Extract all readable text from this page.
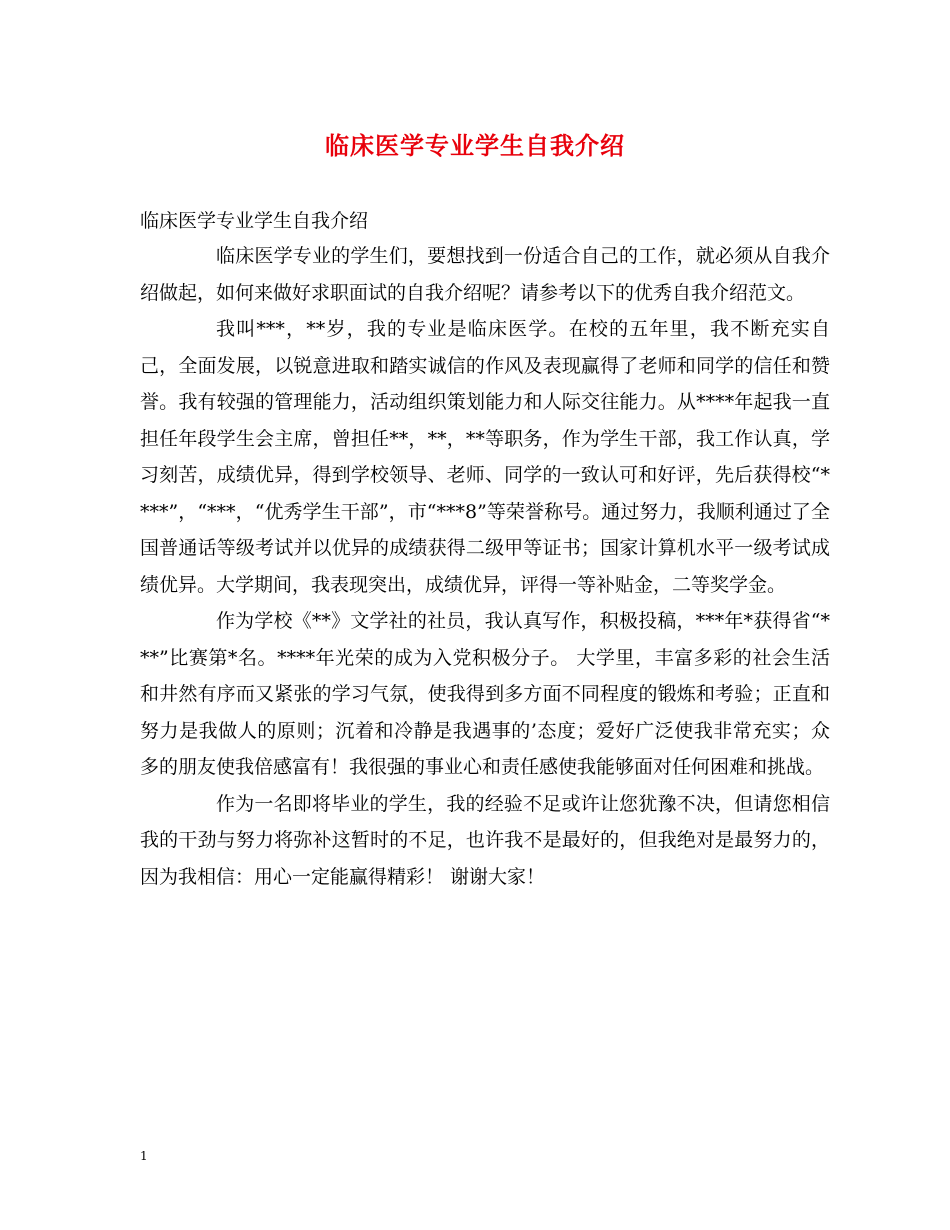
临床医学专业学生自我介绍
临床医学专业学生自我介绍

临床医学专业的学生们，要想找到一份适合自己的工作，就必须从自我介绍做起，如何来做好求职面试的自我介绍呢？请参考以下的优秀自我介绍范文。

我叫***，**岁，我的专业是临床医学。在校的五年里，我不断充实自己，全面发展，以锐意进取和踏实诚信的作风及表现赢得了老师和同学的信任和赞誉。我有较强的管理能力，活动组织策划能力和人际交往能力。从****年起我一直担任年段学生会主席，曾担任**，**，**等职务，作为学生干部，我工作认真，学习刻苦，成绩优异，得到学校领导、老师、同学的一致认可和好评，先后获得校“****”，“***，“优秀学生干部”，市“***8”等荣誉称号。通过努力，我顺利通过了全国普通话等级考试并以优异的成绩获得二级甲等证书；国家计算机水平一级考试成绩优异。大学期间，我表现突出，成绩优异，评得一等补贴金，二等奖学金。

作为学校《**》文学社的社员，我认真写作，积极投稿，***年*获得省“***”比赛第*名。****年光荣的成为入党积极分子。 大学里，丰富多彩的社会生活和井然有序而又紧张的学习气氛，使我得到多方面不同程度的锻炼和考验；正直和努力是我做人的原则；沉着和冷静是我遇事的’态度；爱好广泛使我非常充实；众多的朋友使我倍感富有！我很强的事业心和责任感使我能够面对任何困难和挑战。

作为一名即将毕业的学生，我的经验不足或许让您犹豫不决，但请您相信我的干劲与努力将弥补这暂时的不足，也许我不是最好的，但我绝对是最努力的，因为我相信：用心一定能赢得精彩！ 谢谢大家！

1
